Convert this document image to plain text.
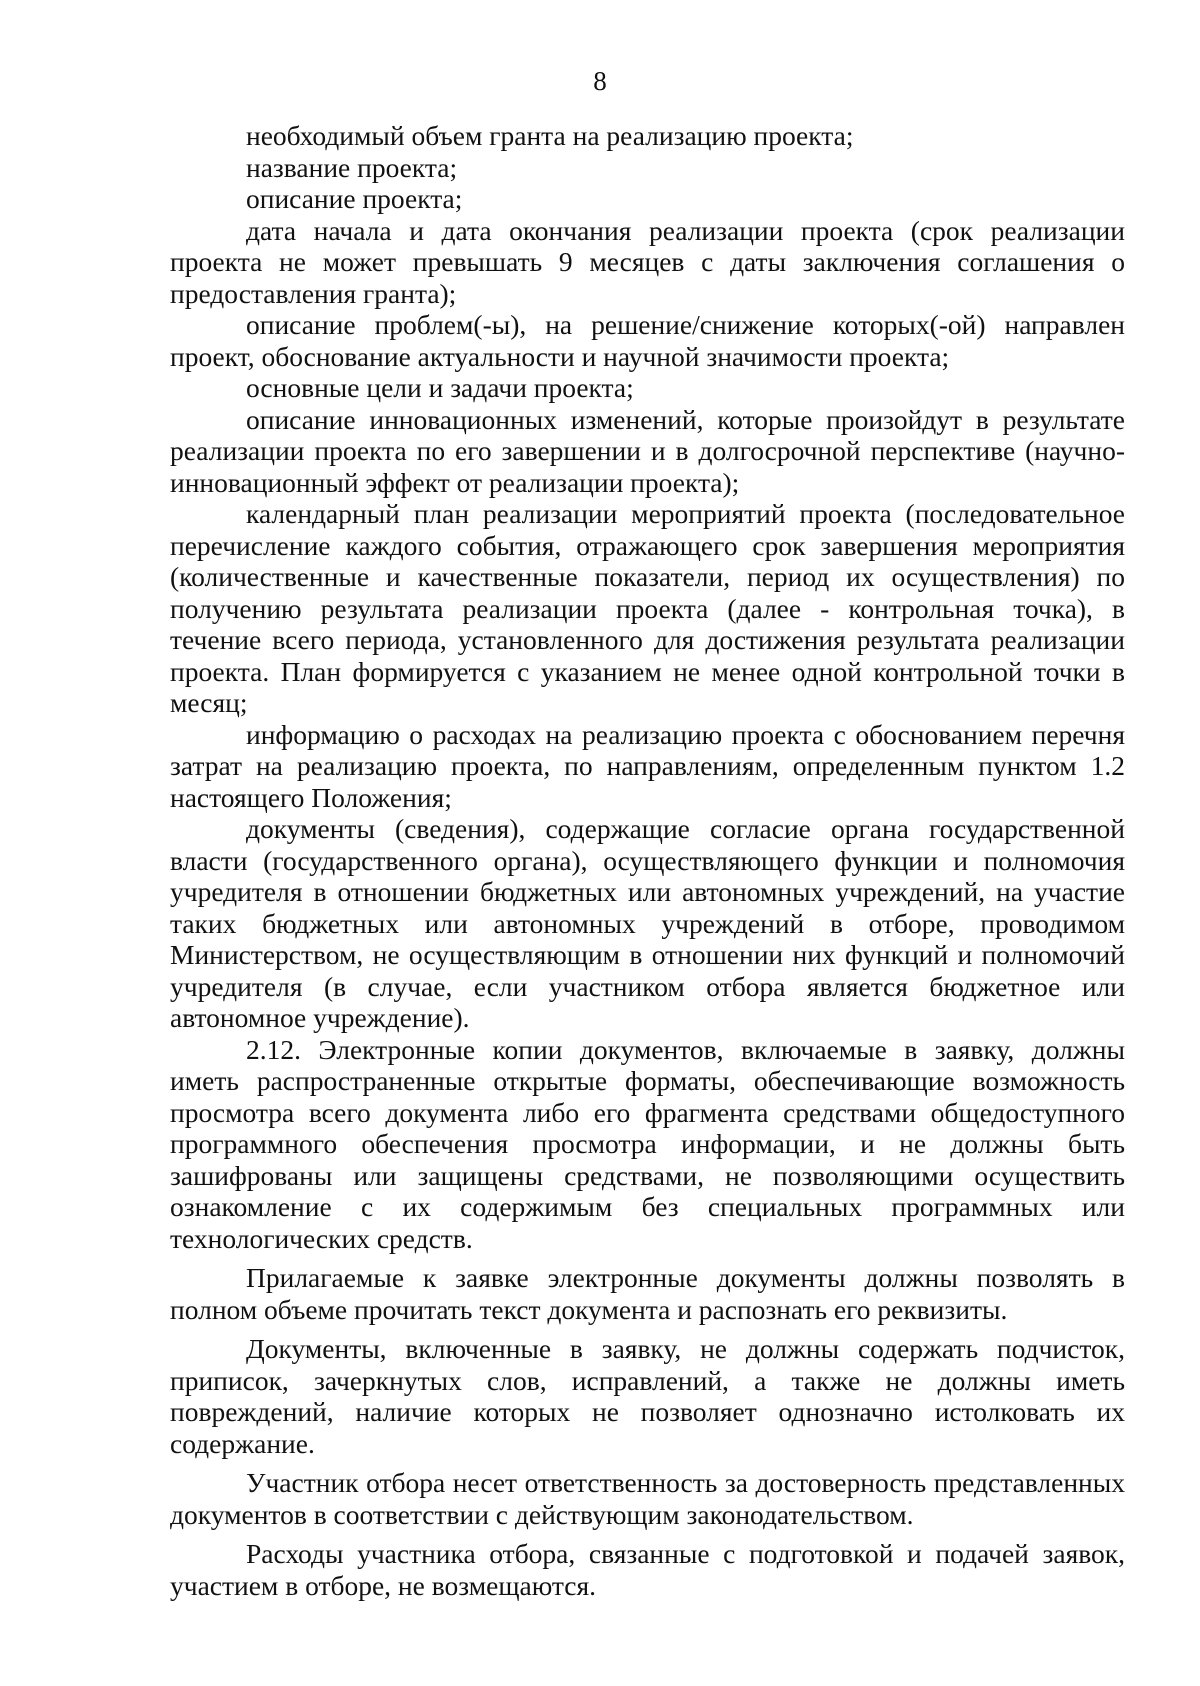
8

необходимый объем гранта на реализацию проекта;

название проекта;

описание проекта;

дата начала и дата окончания реализации проекта (срок реализации проекта не может превышать 9 месяцев с даты заключения соглашения о предоставления гранта);

описание проблем(-ы), на решение/снижение которых(-ой) направлен проект, обоснование актуальности и научной значимости проекта;

основные цели и задачи проекта;

описание инновационных изменений, которые произойдут в результате реализации проекта по его завершении и в долгосрочной перспективе (научно-инновационный эффект от реализации проекта);

календарный план реализации мероприятий проекта (последовательное перечисление каждого события, отражающего срок завершения мероприятия (количественные и качественные показатели, период их осуществления) по получению результата реализации проекта (далее - контрольная точка), в течение всего периода, установленного для достижения результата реализации проекта. План формируется с указанием не менее одной контрольной точки в месяц;

информацию о расходах на реализацию проекта с обоснованием перечня затрат на реализацию проекта, по направлениям, определенным пунктом 1.2 настоящего Положения;

документы (сведения), содержащие согласие органа государственной власти (государственного органа), осуществляющего функции и полномочия учредителя в отношении бюджетных или автономных учреждений, на участие таких бюджетных или автономных учреждений в отборе, проводимом Министерством, не осуществляющим в отношении них функций и полномочий учредителя (в случае, если участником отбора является бюджетное или автономное учреждение).

2.12. Электронные копии документов, включаемые в заявку, должны иметь распространенные открытые форматы, обеспечивающие возможность просмотра всего документа либо его фрагмента средствами общедоступного программного обеспечения просмотра информации, и не должны быть зашифрованы или защищены средствами, не позволяющими осуществить ознакомление с их содержимым без специальных программных или технологических средств.

Прилагаемые к заявке электронные документы должны позволять в полном объеме прочитать текст документа и распознать его реквизиты.

Документы, включенные в заявку, не должны содержать подчисток, приписок, зачеркнутых слов, исправлений, а также не должны иметь повреждений, наличие которых не позволяет однозначно истолковать их содержание.

Участник отбора несет ответственность за достоверность представленных документов в соответствии с действующим законодательством.

Расходы участника отбора, связанные с подготовкой и подачей заявок, участием в отборе, не возмещаются.
